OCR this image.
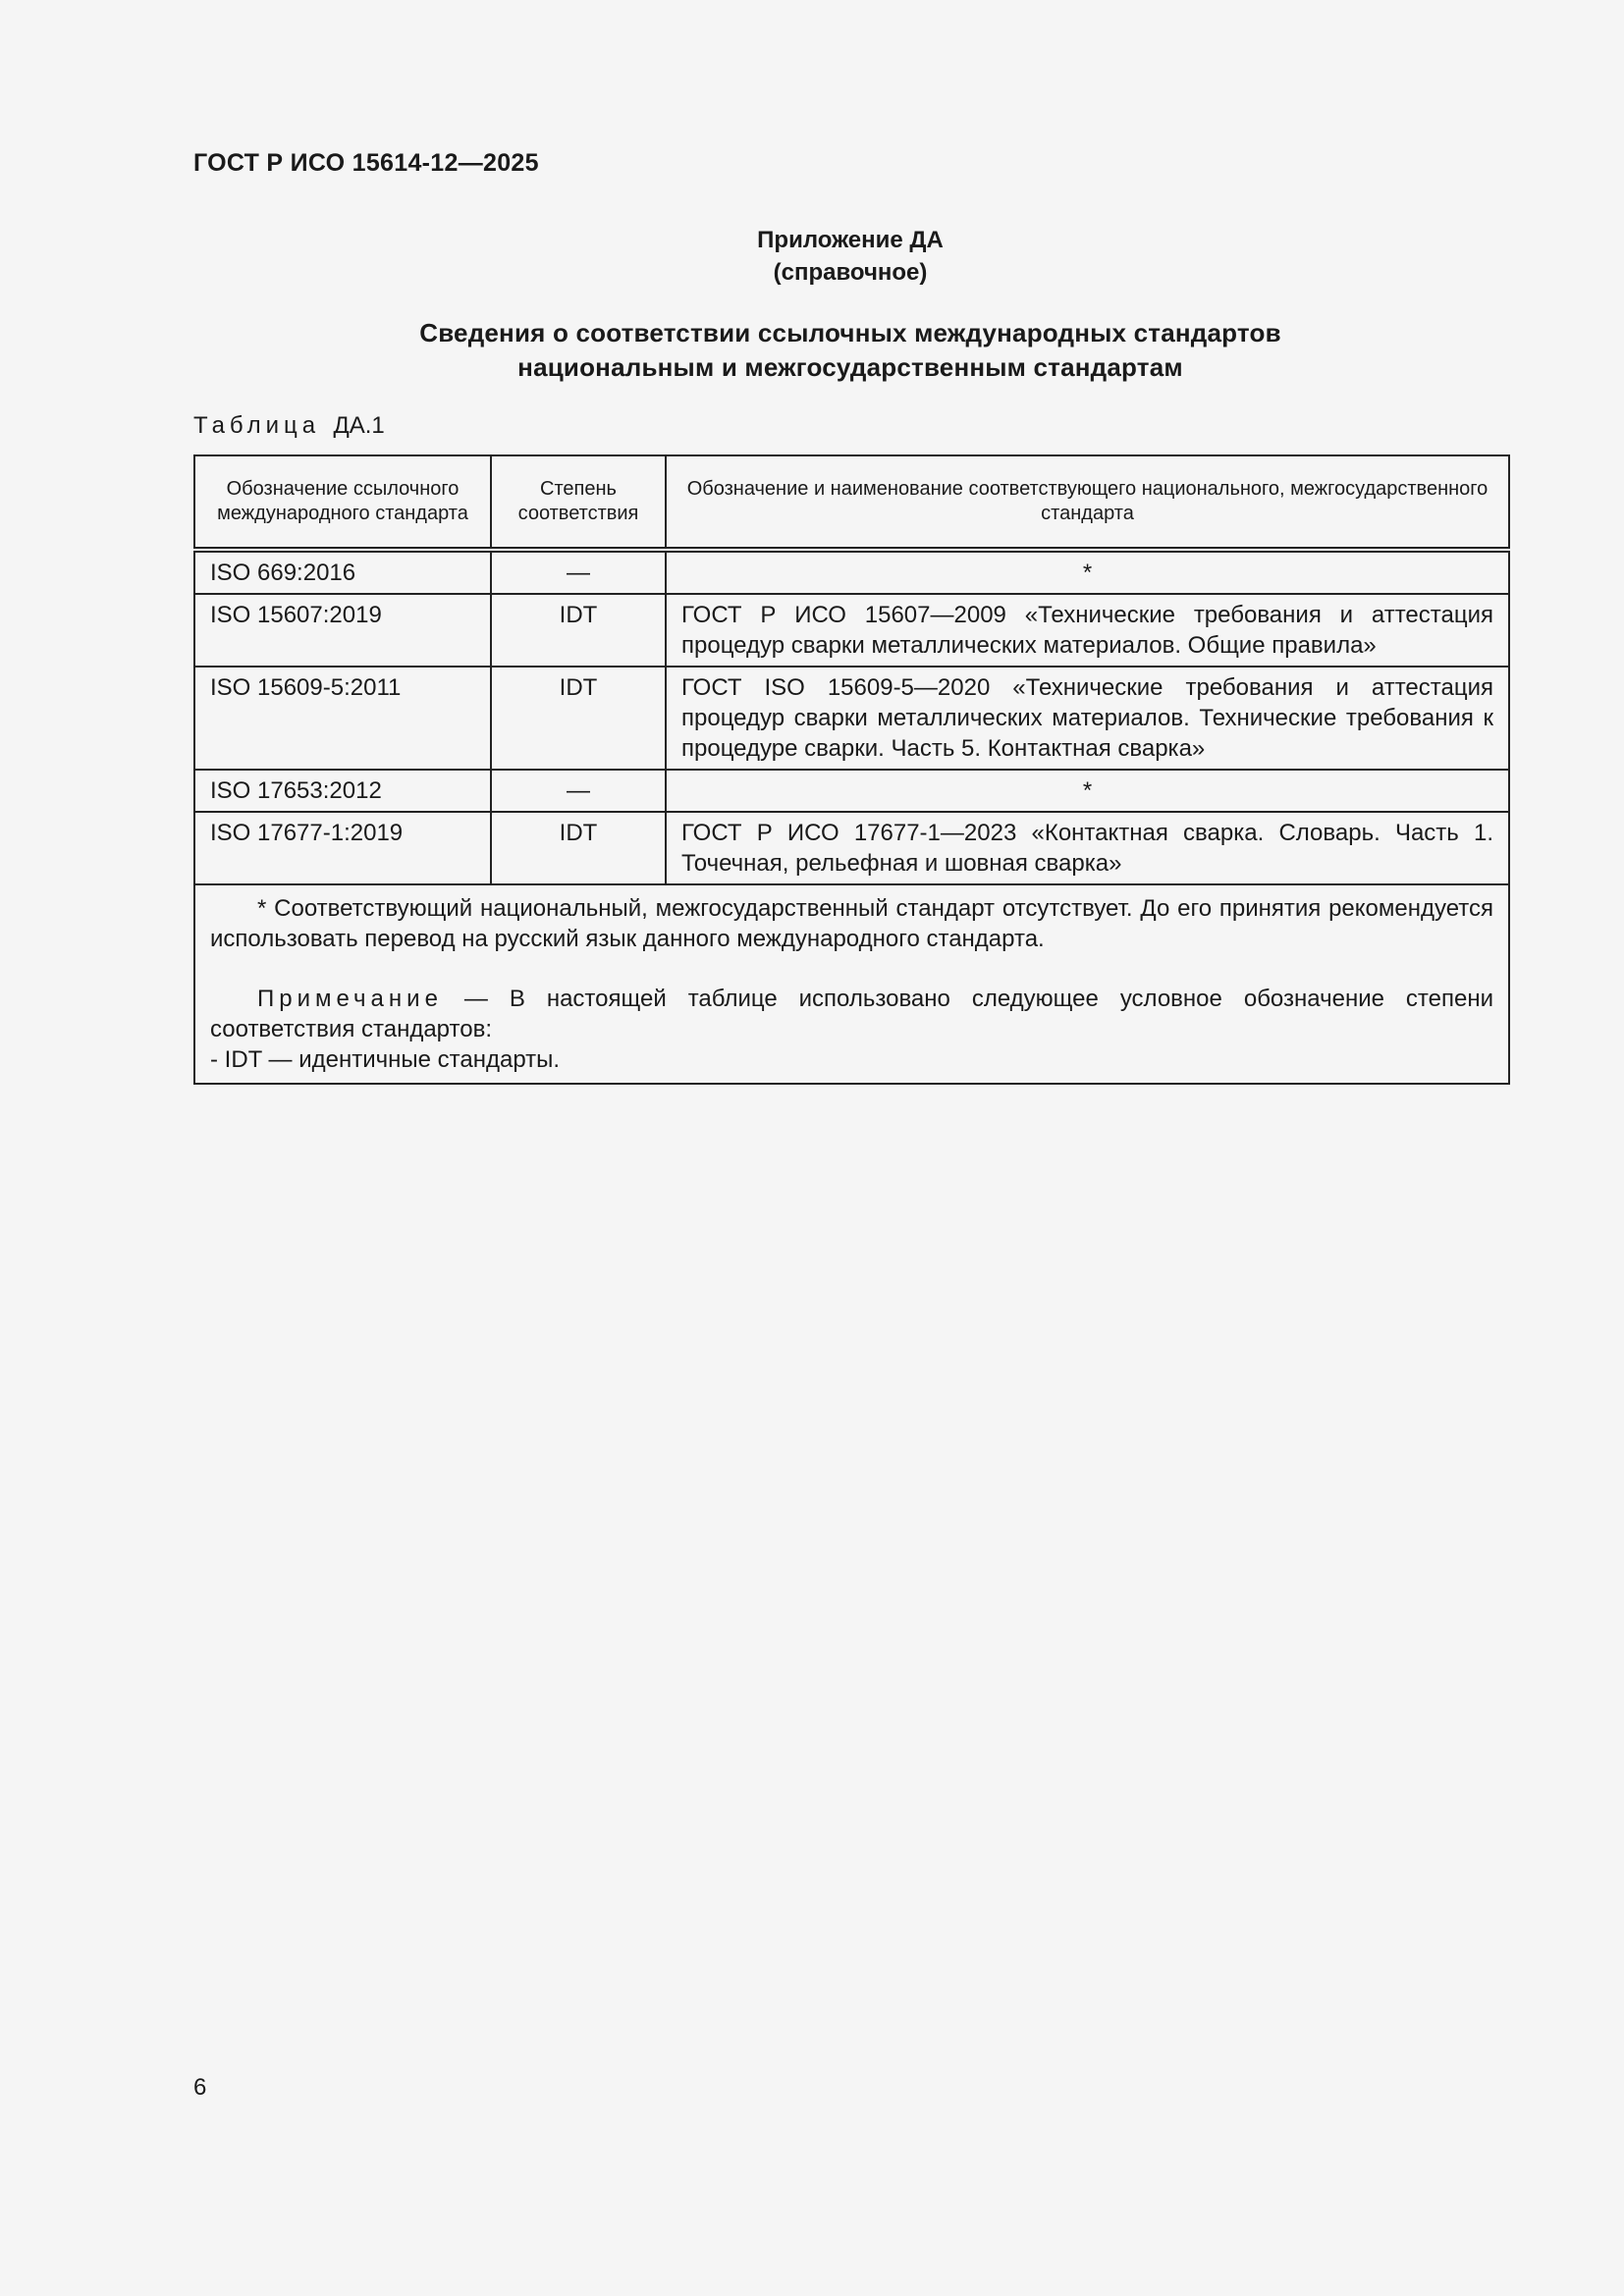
ГОСТ Р ИСО 15614-12—2025
Приложение ДА
(справочное)
Сведения о соответствии ссылочных международных стандартов
национальным и межгосударственным стандартам
Таблица ДА.1
Обозначение ссылочного международного стандарта	Степень соответствия	Обозначение и наименование соответствующего национального, межгосударственного стандарта
ISO 669:2016	—	*
ISO 15607:2019	IDT	ГОСТ Р ИСО 15607—2009 «Технические требования и аттестация процедур сварки металлических материалов. Общие правила»
ISO 15609-5:2011	IDT	ГОСТ ISO 15609-5—2020 «Технические требования и аттестация процедур сварки металлических материалов. Технические требования к процедуре сварки. Часть 5. Контактная сварка»
ISO 17653:2012	—	*
ISO 17677-1:2019	IDT	ГОСТ Р ИСО 17677-1—2023 «Контактная сварка. Словарь. Часть 1. Точечная, рельефная и шовная сварка»

* Соответствующий национальный, межгосударственный стандарт отсутствует. До его принятия рекомендуется использовать перевод на русский язык данного международного стандарта.

Примечание — В настоящей таблице использовано следующее условное обозначение степени соответствия стандартов:

- IDT — идентичные стандарты.		

6
